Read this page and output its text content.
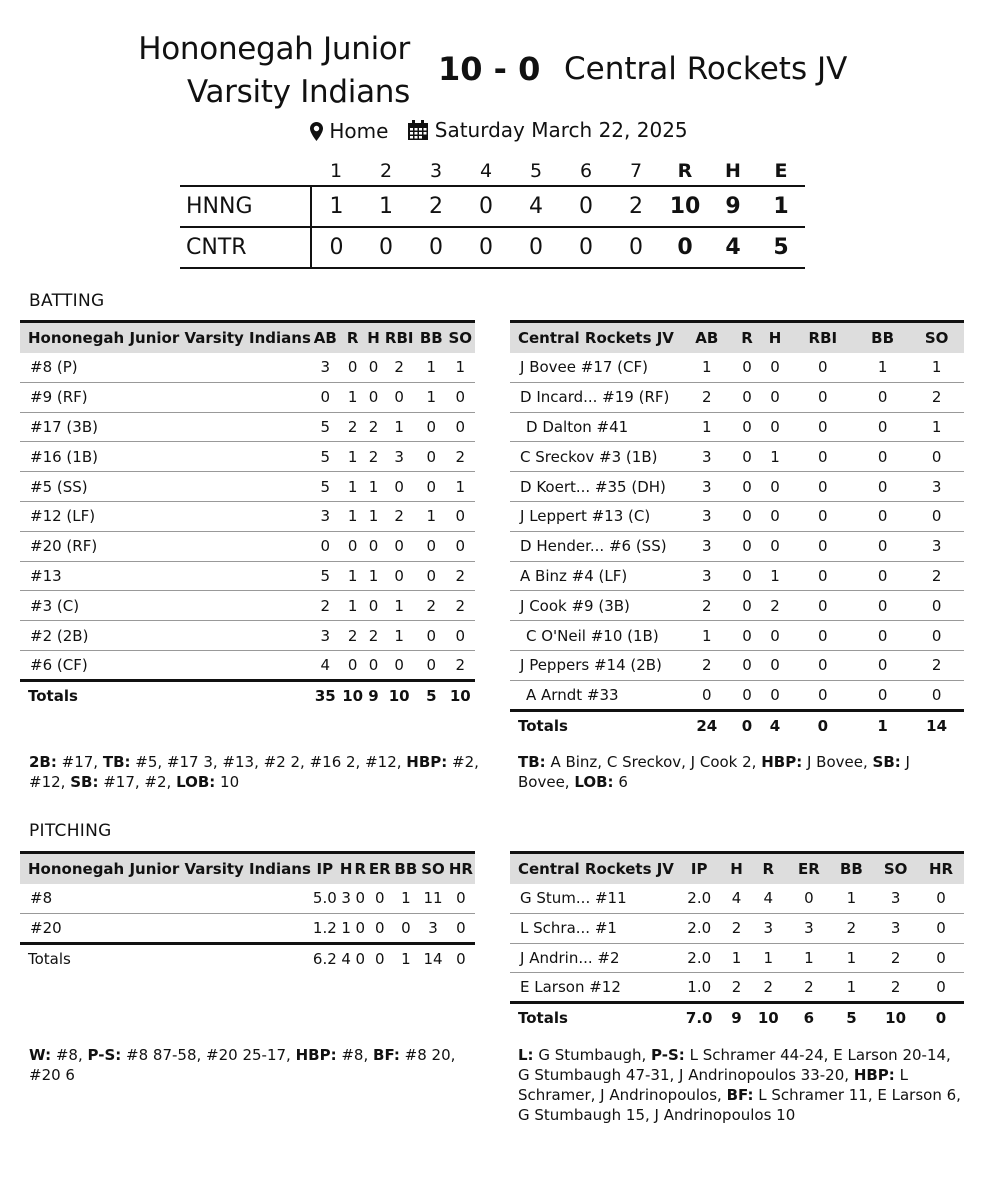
Hononegah Junior
Varsity Indians
10 - 0 Central Rockets JV
Home
Saturday March 22, 2025
	1	2	3	4	5	6	7	R	H	E
HNNG	1	1	2	0	4	0	2	10	9	1
CNTR	0	0	0	0	0	0	0	0	4	5
BATTING
Hononegah Junior Varsity Indians	AB	R	H	RBI	BB	SO
#8 (P)	3	0	0	2	1	1
#9 (RF)	0	1	0	0	1	0
#17 (3B)	5	2	2	1	0	0
#16 (1B)	5	1	2	3	0	2
#5 (SS)	5	1	1	0	0	1
#12 (LF)	3	1	1	2	1	0
#20 (RF)	0	0	0	0	0	0
#13	5	1	1	0	0	2
#3 (C)	2	1	0	1	2	2
#2 (2B)	3	2	2	1	0	0
#6 (CF)	4	0	0	0	0	2
Totals	35	10	9	10	5	10
Central Rockets JV	AB	R	H	RBI	BB	SO
J Bovee #17 (CF)	1	0	0	0	1	1
D Incard... #19 (RF)	2	0	0	0	0	2
D Dalton #41	1	0	0	0	0	1
C Sreckov #3 (1B)	3	0	1	0	0	0
D Koert... #35 (DH)	3	0	0	0	0	3
J Leppert #13 (C)	3	0	0	0	0	0
D Hender... #6 (SS)	3	0	0	0	0	3
A Binz #4 (LF)	3	0	1	0	0	2
J Cook #9 (3B)	2	0	2	0	0	0
C O'Neil #10 (1B)	1	0	0	0	0	0
J Peppers #14 (2B)	2	0	0	0	0	2
A Arndt #33	0	0	0	0	0	0
Totals	24	0	4	0	1	14
2B: #17, TB: #5, #17 3, #13, #2 2, #16 2, #12, HBP: #2, #12, SB: #17, #2, LOB: 10
TB: A Binz, C Sreckov, J Cook 2, HBP: J Bovee, SB: J Bovee, LOB: 6
PITCHING
Hononegah Junior Varsity Indians	IP	H	R	ER	BB	SO	HR
#8	5.0	3	0	0	1	11	0
#20	1.2	1	0	0	0	3	0
Totals	6.2	4	0	0	1	14	0
Central Rockets JV	IP	H	R	ER	BB	SO	HR
G Stum... #11	2.0	4	4	0	1	3	0
L Schra... #1	2.0	2	3	3	2	3	0
J Andrin... #2	2.0	1	1	1	1	2	0
E Larson #12	1.0	2	2	2	1	2	0
Totals	7.0	9	10	6	5	10	0
W: #8, P-S: #8 87-58, #20 25-17, HBP: #8, BF: #8 20, #20 6
L: G Stumbaugh, P-S: L Schramer 44-24, E Larson 20-14, G Stumbaugh 47-31, J Andrinopoulos 33-20, HBP: L Schramer, J Andrinopoulos, BF: L Schramer 11, E Larson 6, G Stumbaugh 15, J Andrinopoulos 10
